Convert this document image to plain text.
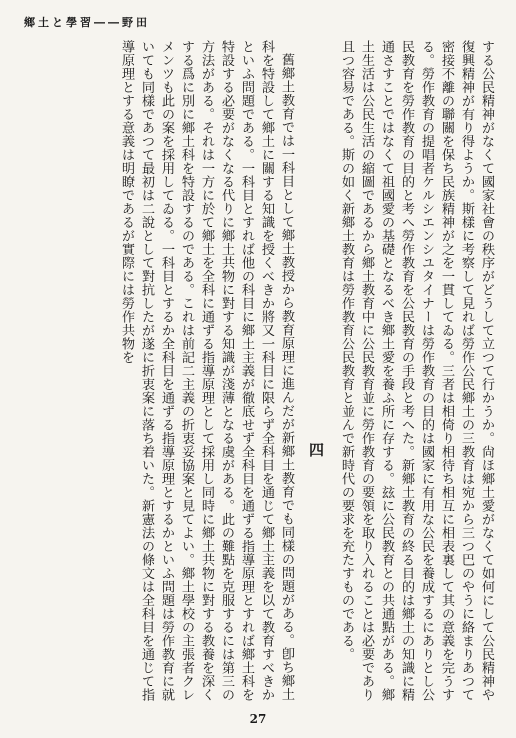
鄉土と學習――野田

する公民精神がなくて國家社會の秩序がどうして立つて行かうか。尙ほ鄉土愛がなくて如何にして公民精神や復興精神が有り得ようか。斯樣に考察して見れば勞作公民鄉土の三教育は宛から三つ巴のやうに絡まりあつて密接不離の聯關を保ち民族精神が之を一貫してゐる。三者は相倚り相待ち相互に相表裏して其の意義を完うする。勞作教育の提唱者ケルシエンシユタイナーは勞作教育の目的は國家に有用な公民を養成するにありとし公民教育を勞作教育の目的と考へ勞作教育を公民教育の手段と考へた。新鄉土教育の終る目的は鄉土の知識に精通さすことではなくて祖國愛の基礎となるべき鄉土愛を養ふ所に存する。玆に公民教育との共通點がある。鄉土生活は公民生活の縮圖であるから鄉土教育中に公民教育並に勞作教育の要領を取り入れることは必要であり且つ容易である。斯の如く新鄉土教育は勞作教育公民教育と並んで新時代の要求を充たすものである。

四

舊鄉土教育では一科目として鄉土教授から教育原理に進んだが新鄉土教育でも同樣の問題がある。卽ち鄉土科を特設して鄉土に關する知識を授くべきか將又一科目に限らず全科目を通じて鄉土主義を以て教育すべきかといふ問題である。一科目とすれば他の科目に鄉土主義が徹底せず全科目を通ずる指導原理とすれば鄉土科を特設する必要がなくなる代りに鄉土共物に對する知識が淺薄となる虞がある。此の難點を克服するには第三の方法がある。それは一方に於て鄉土を全科に通ずる指導原理として採用し同時に鄉土共物に對する教養を深くする爲に別に鄉土科を特設するのである。これは前記二主義の折衷妥協案と見てよい。鄉土學校の主張者クレメンツも此の案を採用してゐる。一科目とするか全科目を通ずる指導原理とするかといふ問題は勞作教育に就いても同樣であつて最初は二說として對抗したが遂に折衷案に落ち着いた。新憲法の條文は全科目を通じて指導原理とする意義は明瞭であるが實際には勞作共物を

27
